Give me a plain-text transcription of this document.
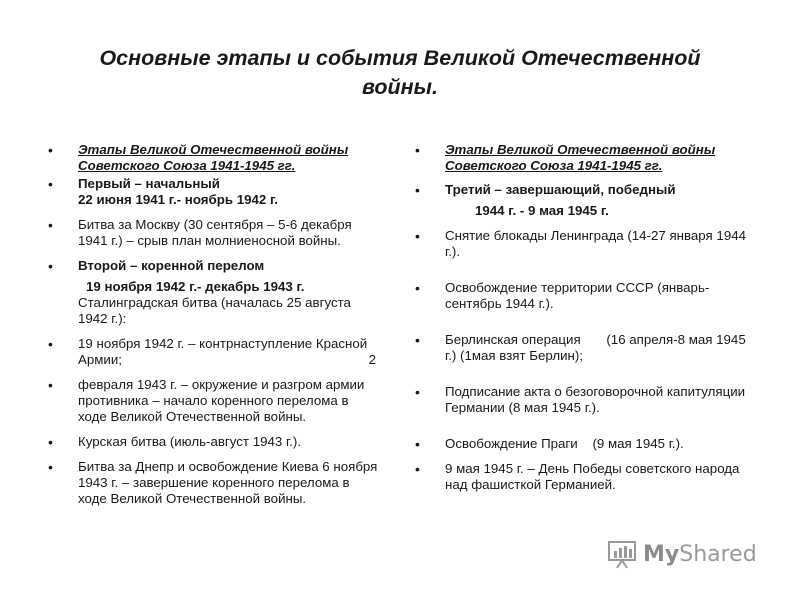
Основные этапы и события Великой Отечественной
войны.
• Этапы Великой Отечественной войны Советского Союза 1941-1945 гг.
• Первый – начальный
22 июня 1941 г.- ноябрь 1942 г.
• Битва за Москву (30 сентября – 5-6 декабря 1941 г.) – срыв план молниеносной войны.
• Второй – коренной перелом
19 ноября 1942 г.- декабрь 1943 г.
Сталинградская битва (началась 25 августа 1942 г.):
• 19 ноября 1942 г. – контрнаступление Красной Армии;	2
• февраля 1943 г. – окружение и разгром армии противника – начало коренного перелома в ходе Великой Отечественной войны.
• Курская битва (июль-август 1943 г.).
• Битва за Днепр и освобождение Киева 6 ноября 1943 г. – завершение коренного перелома в ходе Великой Отечественной войны.
• Этапы Великой Отечественной войны Советского Союза 1941-1945 гг.
• Третий – завершающий, победный
1944 г. - 9 мая 1945 г.
• Снятие блокады Ленинграда (14-27 января 1944 г.).
• Освобождение территории СССР (январь-сентябрь 1944 г.).
• Берлинская операция (16 апреля-8 мая 1945 г.) (1мая взят Берлин);
• Подписание акта о безоговорочной капитуляции Германии (8 мая 1945 г.).
• Освобождение Праги    (9 мая 1945 г.).
• 9 мая 1945 г. – День Победы советского народа над фашисткой Германией.
MyShared
